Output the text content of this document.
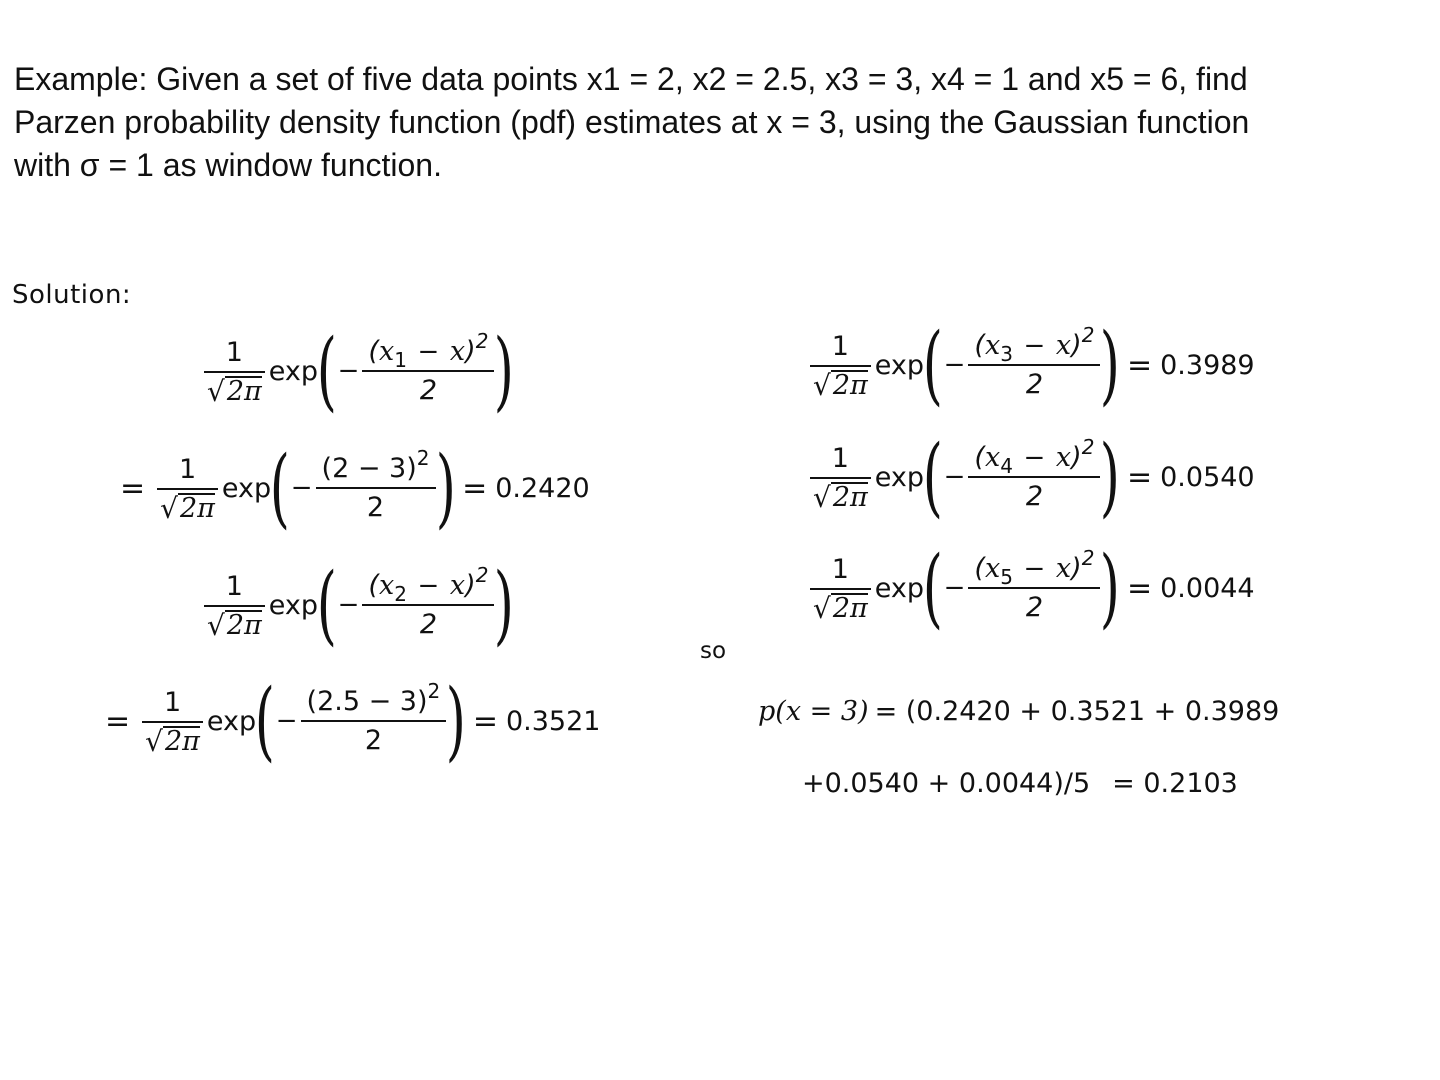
Example: Given a set of five data points x1 = 2, x2 = 2.5, x3 = 3, x4 = 1 and x5 = 6, find
Parzen probability density function (pdf) estimates at x = 3, using the Gaussian function
with σ = 1 as window function.
Solution:
$\frac{1}{√ 2\pi}$ exp
( − $\frac{(x_1 - x)^2}{2}$ )
= $\frac{1}{√ 2\pi}$ exp
( − $\frac{(2 - 3)^2}{2}$ ) = 0.2420
$\frac{1}{√ 2\pi}$ exp
( − $\frac{(x_2 - x)^2}{2}$ )
= $\frac{1}{√ 2\pi}$ exp
( − $\frac{(2.5 - 3)^2}{2}$ ) = 0.3521
$\frac{1}{√ 2\pi}$ exp
( − $\frac{(x_3 - x)^2}{2}$ ) = 0.3989
$\frac{1}{√ 2\pi}$ exp
( − $\frac{(x_4 - x)^2}{2}$ ) = 0.0540
$\frac{1}{√ 2\pi}$ exp
( − $\frac{(x_5 - x)^2}{2}$ ) = 0.0044
so
p (x = 3) = (0.2420 + 0.3521 + 0.3989
+0.0540 + 0.0044)/5 = 0.2103
